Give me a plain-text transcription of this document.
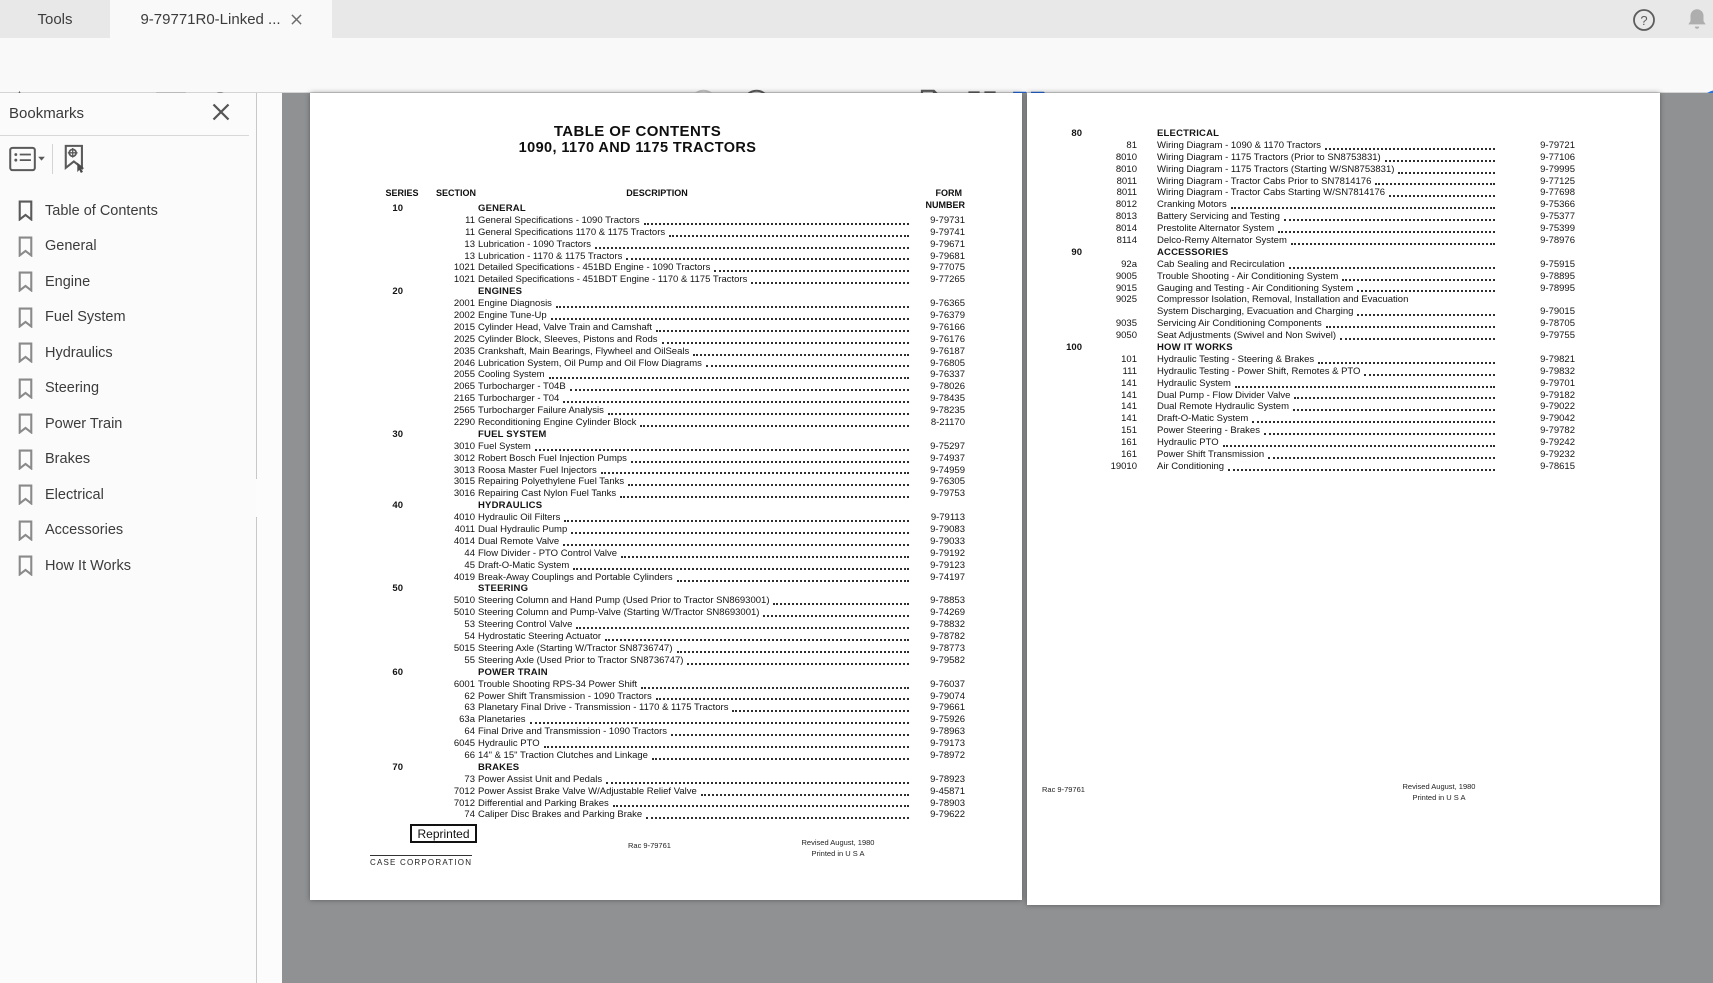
Tools	9-79771R0-Linked ...	?
1
Bookmarks
Table of Contents
General
Engine
Fuel System
Hydraulics
Steering
Power Train
Brakes
Electrical
Accessories
How It Works
TABLE OF CONTENTS
1090, 1170 AND 1175 TRACTORS
SERIES	SECTION	DESCRIPTION	FORM
NUMBER
10	GENERAL
11 General Specifications - 1090 Tractors	9-79731
11 General Specifications 1170 & 1175 Tractors	9-79741
13 Lubrication - 1090 Tractors	9-79671
13 Lubrication - 1170 & 1175 Tractors	9-79681
1021 Detailed Specifications - 451BD Engine - 1090 Tractors	9-77075
1021 Detailed Specifications - 451BDT Engine - 1170 & 1175 Tractors	9-77265
20	ENGINES
2001 Engine Diagnosis	9-76365
2002 Engine Tune-Up	9-76379
2015 Cylinder Head, Valve Train and Camshaft	9-76166
2025 Cylinder Block, Sleeves, Pistons and Rods	9-76176
2035 Crankshaft, Main Bearings, Flywheel and OilSeals	9-76187
2046 Lubrication System, Oil Pump and Oil Flow Diagrams	9-76805
2055 Cooling System	9-76337
2065 Turbocharger - T04B	9-78026
2165 Turbocharger - T04	9-78435
2565 Turbocharger Failure Analysis	9-78235
2290 Reconditioning Engine Cylinder Block	8-21170
30	FUEL SYSTEM
3010 Fuel System	9-75297
3012 Robert Bosch Fuel Injection Pumps	9-74937
3013 Roosa Master Fuel Injectors	9-74959
3015 Repairing Polyethylene Fuel Tanks	9-76305
3016 Repairing Cast Nylon Fuel Tanks	9-79753
40	HYDRAULICS
4010 Hydraulic Oil Filters	9-79113
4011 Dual Hydraulic Pump	9-79083
4014 Dual Remote Valve	9-79033
44 Flow Divider - PTO Control Valve	9-79192
45 Draft-O-Matic System	9-79123
4019 Break-Away Couplings and Portable Cylinders	9-74197
50	STEERING
5010 Steering Column and Hand Pump (Used Prior to Tractor SN8693001)	9-78853
5010 Steering Column and Pump-Valve (Starting W/Tractor SN8693001)	9-74269
53 Steering Control Valve	9-78832
54 Hydrostatic Steering Actuator	9-78782
5015 Steering Axle (Starting W/Tractor SN8736747)	9-78773
55 Steering Axle (Used Prior to Tractor SN8736747)	9-79582
60	POWER TRAIN
6001 Trouble Shooting RPS-34 Power Shift	9-76037
62 Power Shift Transmission - 1090 Tractors	9-79074
63 Planetary Final Drive - Transmission - 1170 & 1175 Tractors	9-79661
63a Planetaries	9-75926
64 Final Drive and Transmission - 1090 Tractors	9-78963
6045 Hydraulic PTO	9-79173
66 14" & 15" Traction Clutches and Linkage	9-78972
70	BRAKES
73 Power Assist Unit and Pedals	9-78923
7012 Power Assist Brake Valve W/Adjustable Relief Valve	9-45871
7012 Differential and Parking Brakes	9-78903
74 Caliper Disc Brakes and Parking Brake	9-79622
Reprinted
CASE CORPORATION
Rac 9-79761	Revised August, 1980
Printed in U S A
80	ELECTRICAL
81 Wiring Diagram - 1090 & 1170 Tractors	9-79721
8010 Wiring Diagram - 1175 Tractors (Prior to SN8753831)	9-77106
8010 Wiring Diagram - 1175 Tractors (Starting W/SN8753831)	9-79995
8011 Wiring Diagram - Tractor Cabs Prior to SN7814176	9-77125
8011 Wiring Diagram - Tractor Cabs Starting W/SN7814176	9-77698
8012 Cranking Motors	9-75366
8013 Battery Servicing and Testing	9-75377
8014 Prestolite Alternator System	9-75399
8114 Delco-Remy Alternator System	9-78976
90	ACCESSORIES
92a Cab Sealing and Recirculation	9-75915
9005 Trouble Shooting - Air Conditioning System	9-78895
9015 Gauging and Testing - Air Conditioning System	9-78995
9025 Compressor Isolation, Removal, Installation and Evacuation
System Discharging, Evacuation and Charging	9-79015
9035 Servicing Air Conditioning Components	9-78705
9050 Seat Adjustments (Swivel and Non Swivel)	9-79755
100	HOW IT WORKS
101 Hydraulic Testing - Steering & Brakes	9-79821
111 Hydraulic Testing - Power Shift, Remotes & PTO	9-79832
141 Hydraulic System	9-79701
141 Dual Pump - Flow Divider Valve	9-79182
141 Dual Remote Hydraulic System	9-79022
141 Draft-O-Matic System	9-79042
151 Power Steering - Brakes	9-79782
161 Hydraulic PTO	9-79242
161 Power Shift Transmission	9-79232
19010 Air Conditioning	9-78615
Rac 9-79761	Revised August, 1980
Printed in U S A
